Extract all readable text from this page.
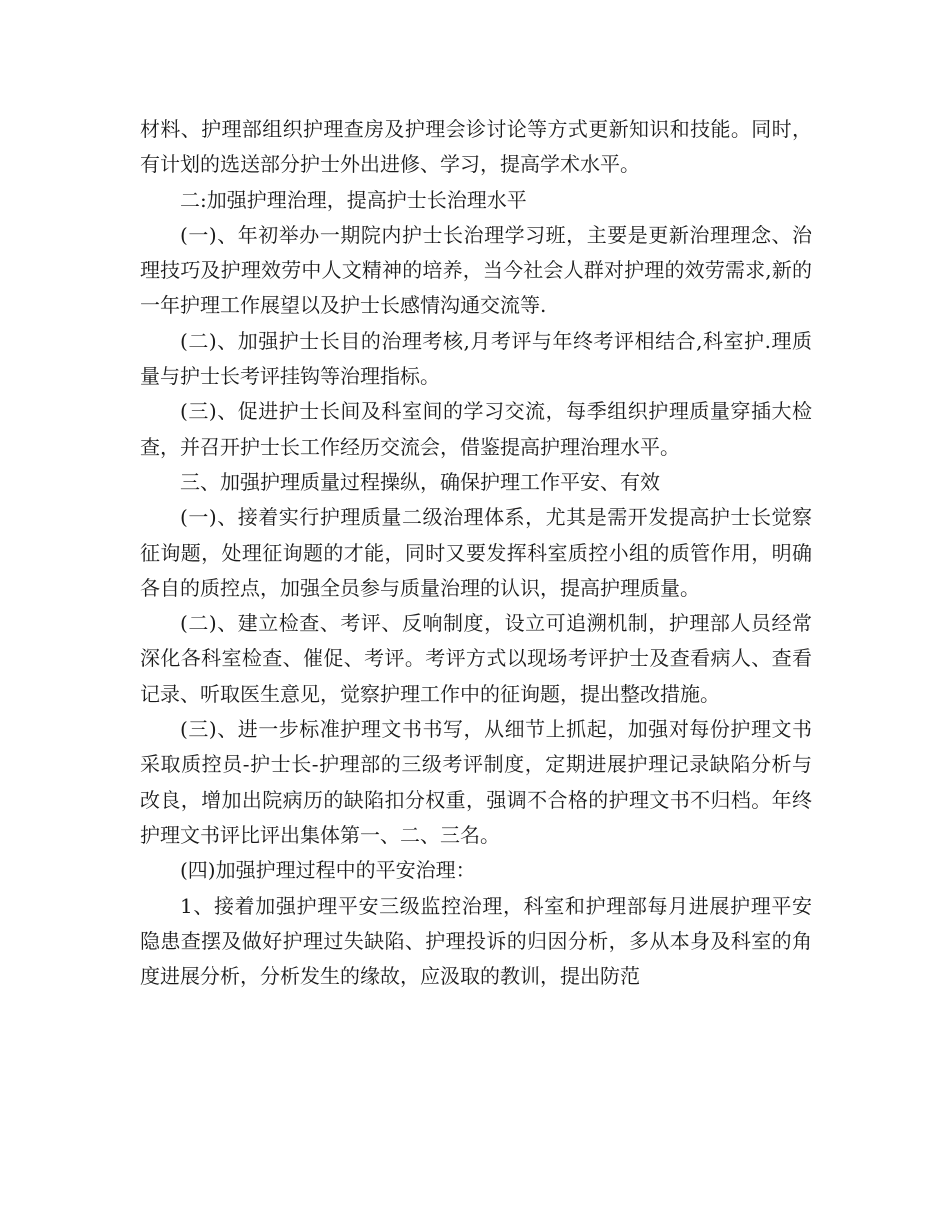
材料、护理部组织护理查房及护理会诊讨论等方式更新知识和技能。同时，有计划的选送部分护士外出进修、学习，提高学术水平。

二:加强护理治理，提高护士长治理水平

(一)、年初举办一期院内护士长治理学习班，主要是更新治理理念、治理技巧及护理效劳中人文精神的培养，当今社会人群对护理的效劳需求,新的一年护理工作展望以及护士长感情沟通交流等.

(二)、加强护士长目的治理考核,月考评与年终考评相结合,科室护.理质量与护士长考评挂钩等治理指标。

(三)、促进护士长间及科室间的学习交流，每季组织护理质量穿插大检查，并召开护士长工作经历交流会，借鉴提高护理治理水平。

三、加强护理质量过程操纵，确保护理工作平安、有效

(一)、接着实行护理质量二级治理体系，尤其是需开发提高护士长觉察征询题，处理征询题的才能，同时又要发挥科室质控小组的质管作用，明确各自的质控点，加强全员参与质量治理的认识，提高护理质量。

(二)、建立检查、考评、反响制度，设立可追溯机制，护理部人员经常深化各科室检查、催促、考评。考评方式以现场考评护士及查看病人、查看记录、听取医生意见，觉察护理工作中的征询题，提出整改措施。

(三)、进一步标准护理文书书写，从细节上抓起，加强对每份护理文书采取质控员-护士长-护理部的三级考评制度，定期进展护理记录缺陷分析与改良，增加出院病历的缺陷扣分权重，强调不合格的护理文书不归档。年终护理文书评比评出集体第一、二、三名。

(四)加强护理过程中的平安治理：

1、接着加强护理平安三级监控治理，科室和护理部每月进展护理平安隐患查摆及做好护理过失缺陷、护理投诉的归因分析，多从本身及科室的角度进展分析，分析发生的缘故，应汲取的教训，提出防范
